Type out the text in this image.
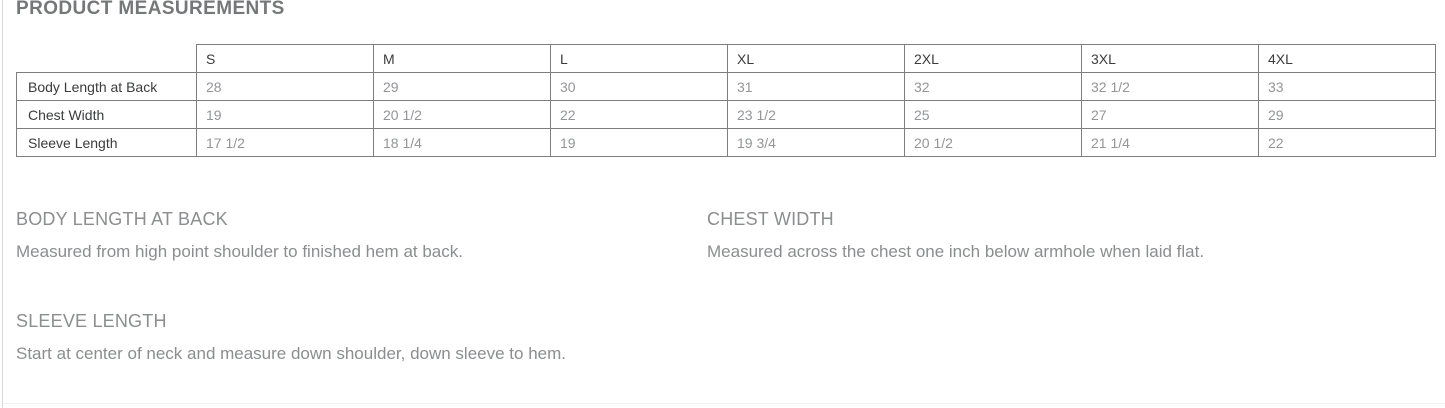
PRODUCT MEASUREMENTS
	S	M	L	XL	2XL	3XL	4XL
Body Length at Back	28	29	30	31	32	32 1/2	33
Chest Width	19	20 1/2	22	23 1/2	25	27	29
Sleeve Length	17 1/2	18 1/4	19	19 3/4	20 1/2	21 1/4	22
BODY LENGTH AT BACK

Measured from high point shoulder to finished hem at back.

CHEST WIDTH

Measured across the chest one inch below armhole when laid flat.

SLEEVE LENGTH

Start at center of neck and measure down shoulder, down sleeve to hem.
